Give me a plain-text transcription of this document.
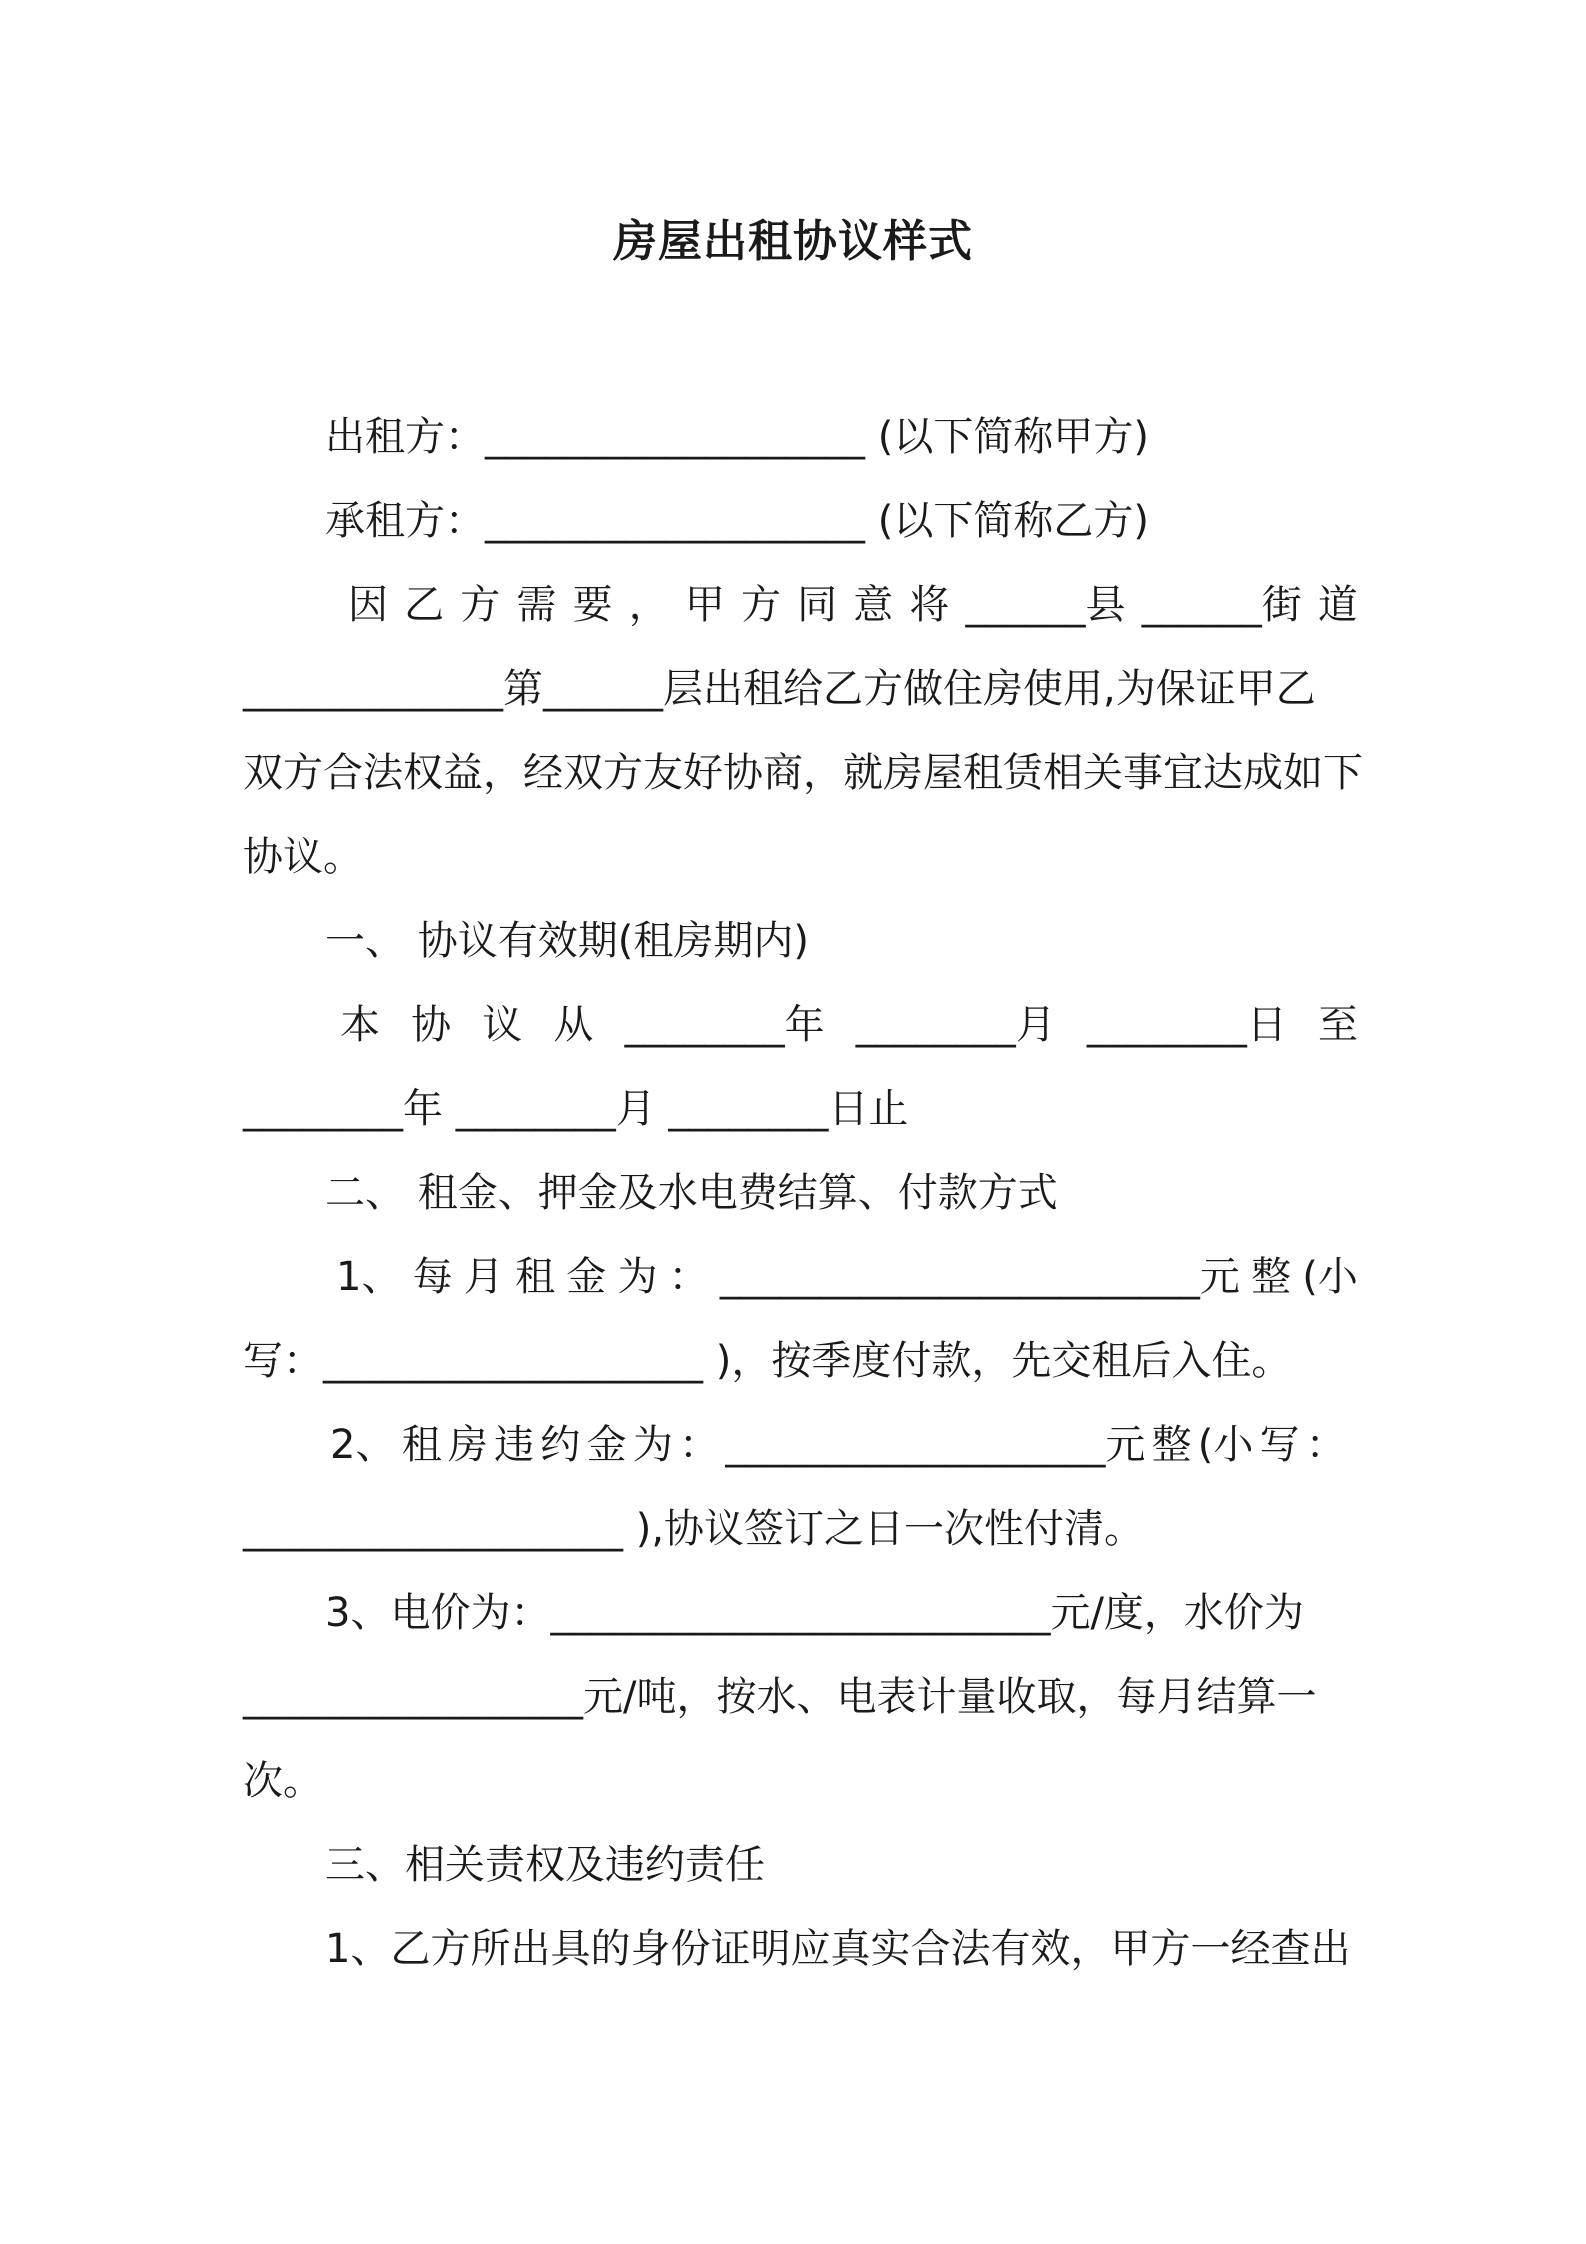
房屋出租协议样式
出租方：___________________ (以下简称甲方)
承租方：___________________ (以下简称乙方)
因 乙 方 需 要 ， 甲 方 同 意 将 ______县 ______街 道
_____________第______层出租给乙方做住房使用,为保证甲乙
双方合法权益，经双方友好协商，就房屋租赁相关事宜达成如下
协议。
一、 协议有效期(租房期内)
本 协 议 从 ________年 ________月 ________日 至
________年 ________月 ________日止
二、 租金、押金及水电费结算、付款方式
1、 每 月 租 金 为 ： ________________________元 整 (小
写：___________________ )，按季度付款，先交租后入住。
2、 租 房 违 约 金 为 ： ___________________元 整 (小 写 ：
___________________ ),协议签订之日一次性付清。
3、电价为：_________________________元/度，水价为
_________________元/吨，按水、电表计量收取，每月结算一
次。
三、相关责权及违约责任
1、乙方所出具的身份证明应真实合法有效，甲方一经查出
